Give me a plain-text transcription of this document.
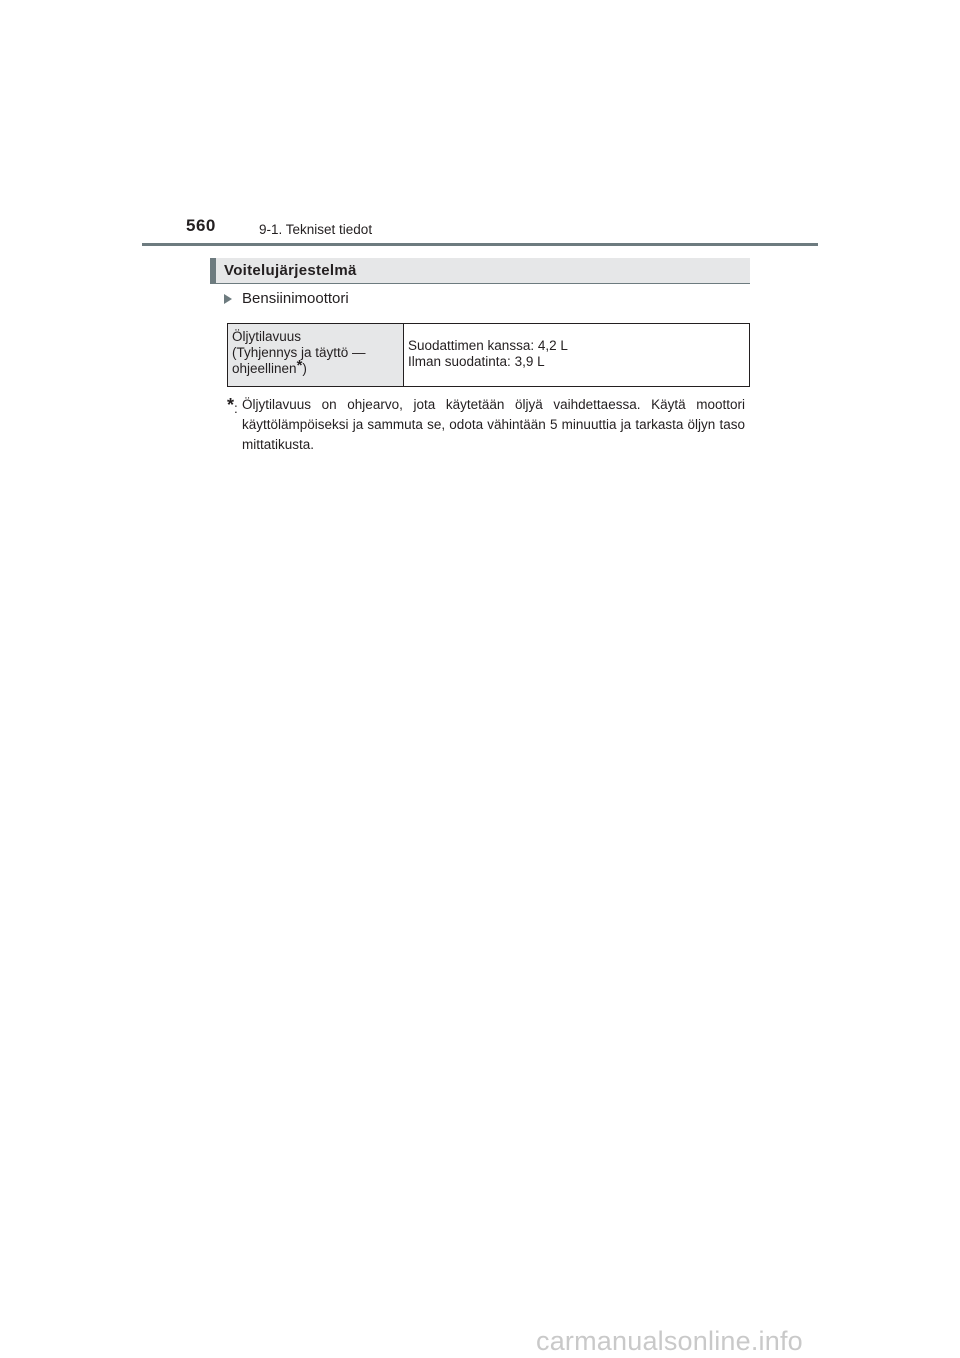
560	9-1. Tekniset tiedot
Voitelujärjestelmä
Bensiinimoottori
Öljytilavuus
(Tyhjennys ja täyttö —
ohjeellinen*)

Suodattimen kanssa: 4,2 L
Ilman suodatinta: 3,9 L
*: Öljytilavuus on ohjearvo, jota käytetään öljyä vaihdettaessa. Käytä moottori käyttölämpöiseksi ja sammuta se, odota vähintään 5 minuuttia ja tarkasta öljyn taso mittatikusta.
carmanualsonline.info
